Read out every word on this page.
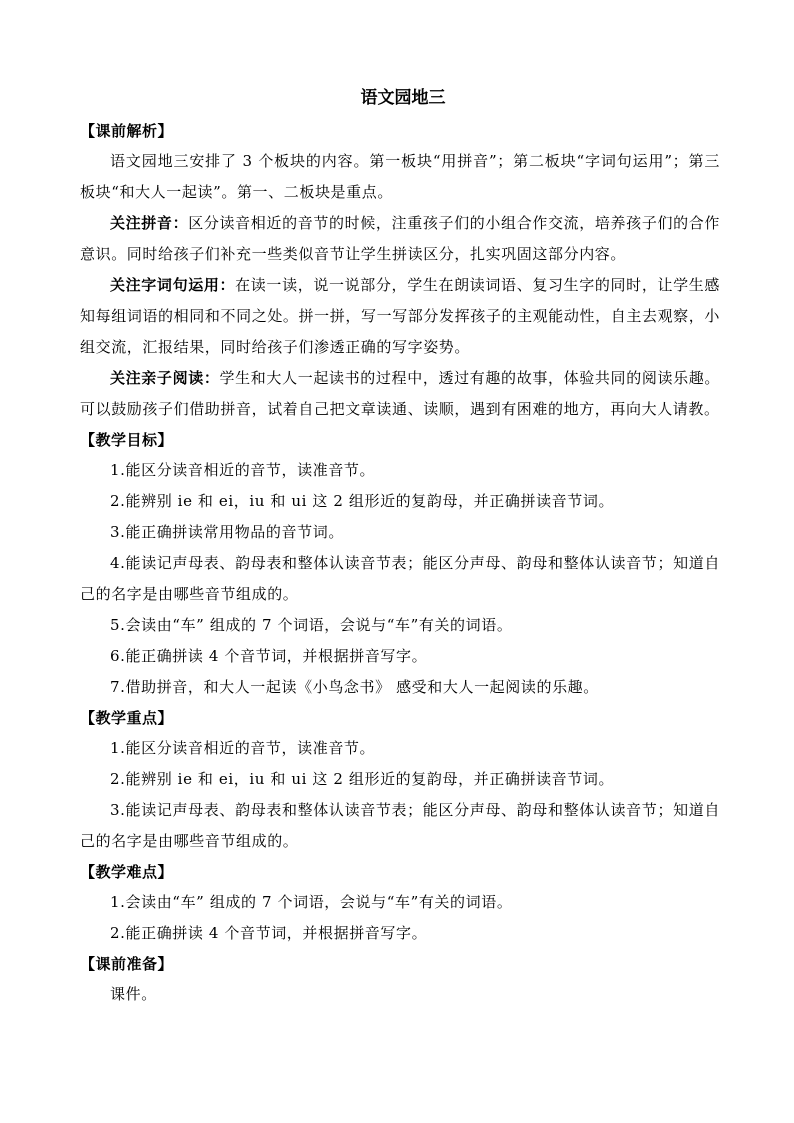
语文园地三

【课前解析】

语文园地三安排了 3 个板块的内容。第一板块“用拼音”；第二板块“字词句运用”；第三板块“和大人一起读”。第一、二板块是重点。

关注拼音：区分读音相近的音节的时候，注重孩子们的小组合作交流，培养孩子们的合作意识。同时给孩子们补充一些类似音节让学生拼读区分，扎实巩固这部分内容。

关注字词句运用：在读一读，说一说部分，学生在朗读词语、复习生字的同时，让学生感知每组词语的相同和不同之处。拼一拼，写一写部分发挥孩子的主观能动性，自主去观察，小组交流，汇报结果，同时给孩子们渗透正确的写字姿势。

关注亲子阅读：学生和大人一起读书的过程中，透过有趣的故事，体验共同的阅读乐趣。可以鼓励孩子们借助拼音，试着自己把文章读通、读顺，遇到有困难的地方，再向大人请教。

【教学目标】

1.能区分读音相近的音节，读准音节。

2.能辨别 ie 和 ei，iu 和 ui 这 2 组形近的复韵母，并正确拼读音节词。

3.能正确拼读常用物品的音节词。

4.能读记声母表、韵母表和整体认读音节表；能区分声母、韵母和整体认读音节；知道自己的名字是由哪些音节组成的。

5.会读由“车” 组成的 7 个词语，会说与“车”有关的词语。

6.能正确拼读 4 个音节词，并根据拼音写字。

7.借助拼音，和大人一起读《小鸟念书》 感受和大人一起阅读的乐趣。

【教学重点】

1.能区分读音相近的音节，读准音节。

2.能辨别 ie 和 ei，iu 和 ui 这 2 组形近的复韵母，并正确拼读音节词。

3.能读记声母表、韵母表和整体认读音节表；能区分声母、韵母和整体认读音节；知道自己的名字是由哪些音节组成的。

【教学难点】

1.会读由“车” 组成的 7 个词语，会说与“车”有关的词语。

2.能正确拼读 4 个音节词，并根据拼音写字。

【课前准备】

课件。
